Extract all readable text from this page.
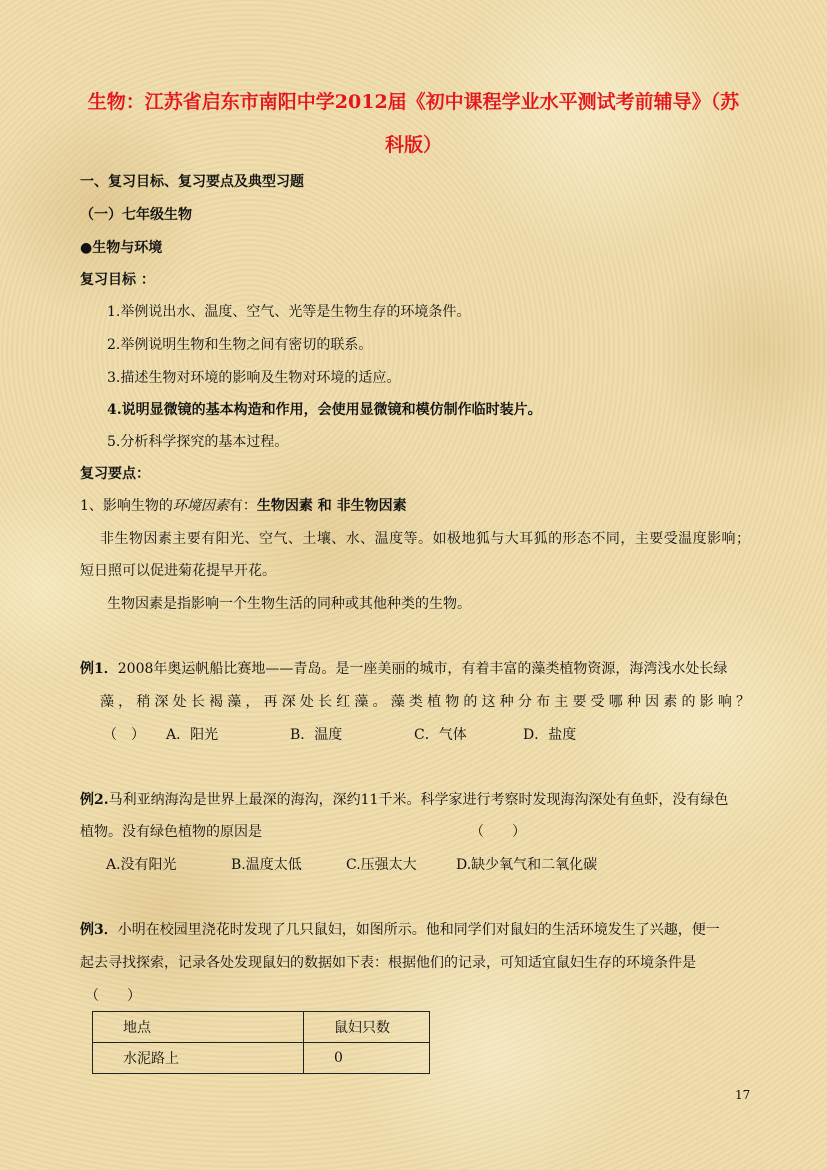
生物：江苏省启东市南阳中学2012届《初中课程学业水平测试考前辅导》（苏
科版）
一、复习目标、复习要点及典型习题
（一）七年级生物
●生物与环境
复习目标 ：
1.举例说出水、温度、空气、光等是生物生存的环境条件。
2.举例说明生物和生物之间有密切的联系。
3.描述生物对环境的影响及生物对环境的适应。
4.说明显微镜的基本构造和作用，会使用显微镜和模仿制作临时装片。
5.分析科学探究的基本过程。
复习要点：
1、影响生物的环境因素有：生物因素 和 非生物因素
非生物因素主要有阳光、空气、土壤、水、温度等。如极地狐与大耳狐的形态不同，主要受温度影响；
短日照可以促进菊花提早开花。
生物因素是指影响一个生物生活的同种或其他种类的生物。
例1．2008年奥运帆船比赛地——青岛。是一座美丽的城市，有着丰富的藻类植物资源，海湾浅水处长绿
藻，稍深处长褐藻，再深处长红藻。藻类植物的这种分布主要受哪种因素的影响？
（　） A．阳光	B．温度	C．气体	D．盐度
例2.马利亚纳海沟是世界上最深的海沟，深约11千米。科学家进行考察时发现海沟深处有鱼虾，没有绿色
植物。没有绿色植物的原因是	（　　）
A.没有阳光	B.温度太低	C.压强太大	D.缺少氧气和二氧化碳
例3．小明在校园里浇花时发现了几只鼠妇，如图所示。他和同学们对鼠妇的生活环境发生了兴趣，便一
起去寻找探索，记录各处发现鼠妇的数据如下表：根据他们的记录，可知适宜鼠妇生存的环境条件是
（　　）
地点	鼠妇只数
水泥路上	0
17
